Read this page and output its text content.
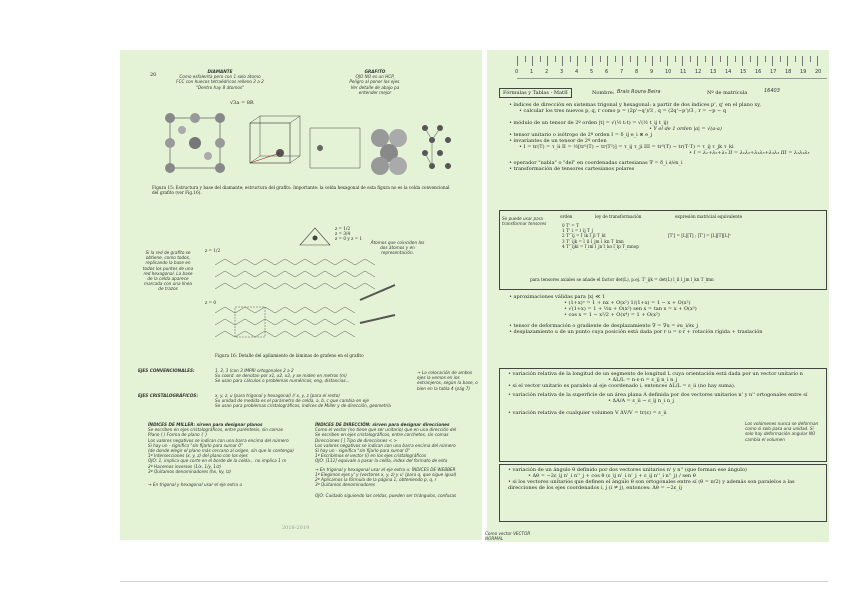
20
DIAMANTE
Como esfalerita pero con 1 solo átomo
FCC con huecos tetraédricos relleno 2 a 2
"Dentro hay 8 átomos"
GRAFITO
OJO NO es un HCP,
Peligro al poner los ejes.
Ver detalle de abajo pa
entender mejor
√3a = 8R
Figura 15: Estructura y base del diamante; estructura del grafito. Importante: la celda hexagonal de esta figura no es la celda convencional del grafito (ver Fig.16).
z = 1/2
z = 0
z = 1/2
z = 3/4
z = 0 y z = 1
Átomos que coinciden los dos átomos y en representación.
Si la red de grafito se obtiene, como todos, replicando la base en todos los puntos de una red hexagonal. La base de la celda aparece marcada con una línea de trazos
Figura 16: Detalle del apilamiento de láminas de grafeno en el grafito
EJES CONVENCIONALES:	1, 2, 3 (con 3 IMPRI ortogonales 2 a 2
Su coord. se denotan por x1, x2, x3, y se miden en metros (m)
Se usan para cálculos o problemas numéricos, eng, distancias...
EJES CRISTALOGRÁFICOS:	x, y, z, u (para trigonal y hexagonal) // x, y, z (para el resto)
Su unidad de medida es el parámetro de celda, a, b, c que cambia en eje
Se usan para problemas cristalográficos, índices de Miller y de dirección, geometría
→ La colocación de ambos ejes la vemos en los extranjeros, según la base, o bien en la tabla 4 (pág 7)
ÍNDICES DE MILLER: sirven para designar planos
Se escriben en ejes cristalográficos, entre paréntesis, sin comas
Plano ( ) Forma de plano { }
Los valores negativos se indican con una barra encima del número
Si hay un - significa "sin fijarlo para sumar 0"
(de donde elegir el plano más cercano al origen, sin que lo contenga)
1º Intersecciones (x, y, z) del plano con los ejes
OJO: 1, implica que corte en el borde de la celda... no implica 1 m
2º Hacemos inversos (1/x, 1/y, 1/z)
3º Quitamos denominadores (hx, ky, lz)
→ En trigonal y hexagonal usar el eje extra u
ÍNDICES DE DIRECCIÓN: sirven para designar direcciones
Como el vector (no tiene que ser unitario) que en una dirección del
Se escriben en ejes cristalográficos, entre corchetes, sin comas
Direcciones [ ] Tipo de direcciones < >
Los valores negativos se indican con una barra encima del número
Si hay un - significa "sin fijarlo para sumar 0"
1º Escribimos el vector (i) en los ejes cristalográficos
OJO: [111] equivale a pasar la celda, index del formato de esta
→ En trigonal y hexagonal usar el eje extra u: ÍNDICES DE WEBBER
1º Elegimos ejes y' y (vectores x, y, z) y u' (para q, que sigue igual)
2º Aplicamos la fórmula de la página 1, obteniendo p, q, r
3º Quitamos denominadores
OJO: Cuidado siguiendo las celdas, pueden ser triángulos, confusas
2018-2019
0 1 2 3 4 5 6 7 8 9 10 11 12 13 14 15 16 17 18 19 20
Fórmulas y Tablas - MatII	Nombre: Brais Roura Beira	Nº de matrícula	16403
• índices de dirección en sistemas trigonal y hexagonal: a partir de dos índices p', q' en el plano xy,
• calcular los tres nuevos p, q, r como p = (2p'−q')/3 , q = (2q'−p')/3 , r = −p − q
• módulo de un tensor de 2º orden |t| = √(½ t:t) = √(½ t_ij t_ij)
• Y el de 1 orden |a| = √(a·a)
• tensor unitario o isótropo de 2º orden I = δ_ij e_i ⊗ e_j
• invariantes de un tensor de 2º orden
• I = tr(T) = τ_ii II = ½[tr²(T) − tr(T²)] = τ_ij τ_ji III = tr³(T) − tr(T·T) = τ_ij τ_jk τ_ki
• I = λ₁+λ₂+λ₃ II = λ₁λ₂+λ₁λ₃+λ₂λ₃ III = λ₁λ₂λ₃
• operador "nabla" o "del" en coordenadas cartesianas ∇ = δ_i ∂/∂x_i
• transformación de tensores cartesianos polares
Se puede usar para transformar tensores
orden	ley de transformación	expresión matricial equivalente
0 T' = T
1 T'_i = l_ij T_j
2 T'_ij = l_ik l_jl T_kl
3 T'_ijk = l_il l_jm l_kn T_lmn
4 T'_ijkl = l_im l_jn l_ko l_lp T_mnop
[T'] = [L][T] ; [T'] = [L][T][L]ᵀ
para tensores axiales se añade el factor det(L), p.ej. T'_ijk = det(L) l_il l_jm l_kn T_lmn
• aproximaciones válidas para |x| ≪ 1
• (1+x)ⁿ = 1 + nx + O(x²) 1/(1+x) = 1 − x + O(x²)
• √(1+x) = 1 + ½x + O(x²) sen x = tan x = x + O(x³)
• cos x = 1 − x²/2 + O(x⁴) = 1 + O(x²)
• tensor de deformación o gradiente de desplazamiento ∇ = ∇u = ∂u_i/∂x_j
• desplazamiento u de un punto cuya posición está dada por r u = ε·r + rotación rígida + traslación
• variación relativa de la longitud de un segmento de longitud L cuya orientación está dada por un vector unitario n
• ΔL/L = n·ε·n = ε_ij n_i n_j
• si el vector unitario es paralelo al eje coordenado i, entonces ΔL/L = ε_ii (no hay suma).
• variación relativa de la superficie de un área plana A definida por dos vectores unitarios n' y n'' ortogonales entre sí
• ΔA/A = ε_ii − ε_ij n_i n_j
• variación relativa de cualquier volumen V ΔV/V = tr(ε) = ε_ii
Los volúmenes nunca se deforman como si solo pasa una unidad. Si solo hay deformación angular NO cambia el volumen
• variación de un ángulo θ definido por dos vectores unitarios n' y n'' (que forman ese ángulo)
• Δθ = −2ε_ij n'_i n''_j + cos θ (ε_ij n'_i n'_j + ε_ij n''_i n''_j) / sen θ
• si los vectores unitarios que definen el ángulo θ son ortogonales entre sí (θ = π/2) y además son paralelos a las direcciones de los ejes coordenados i, j (i ≠ j), entonces: Δθ = −2ε_ij
Como vector VECTOR NORMAL
